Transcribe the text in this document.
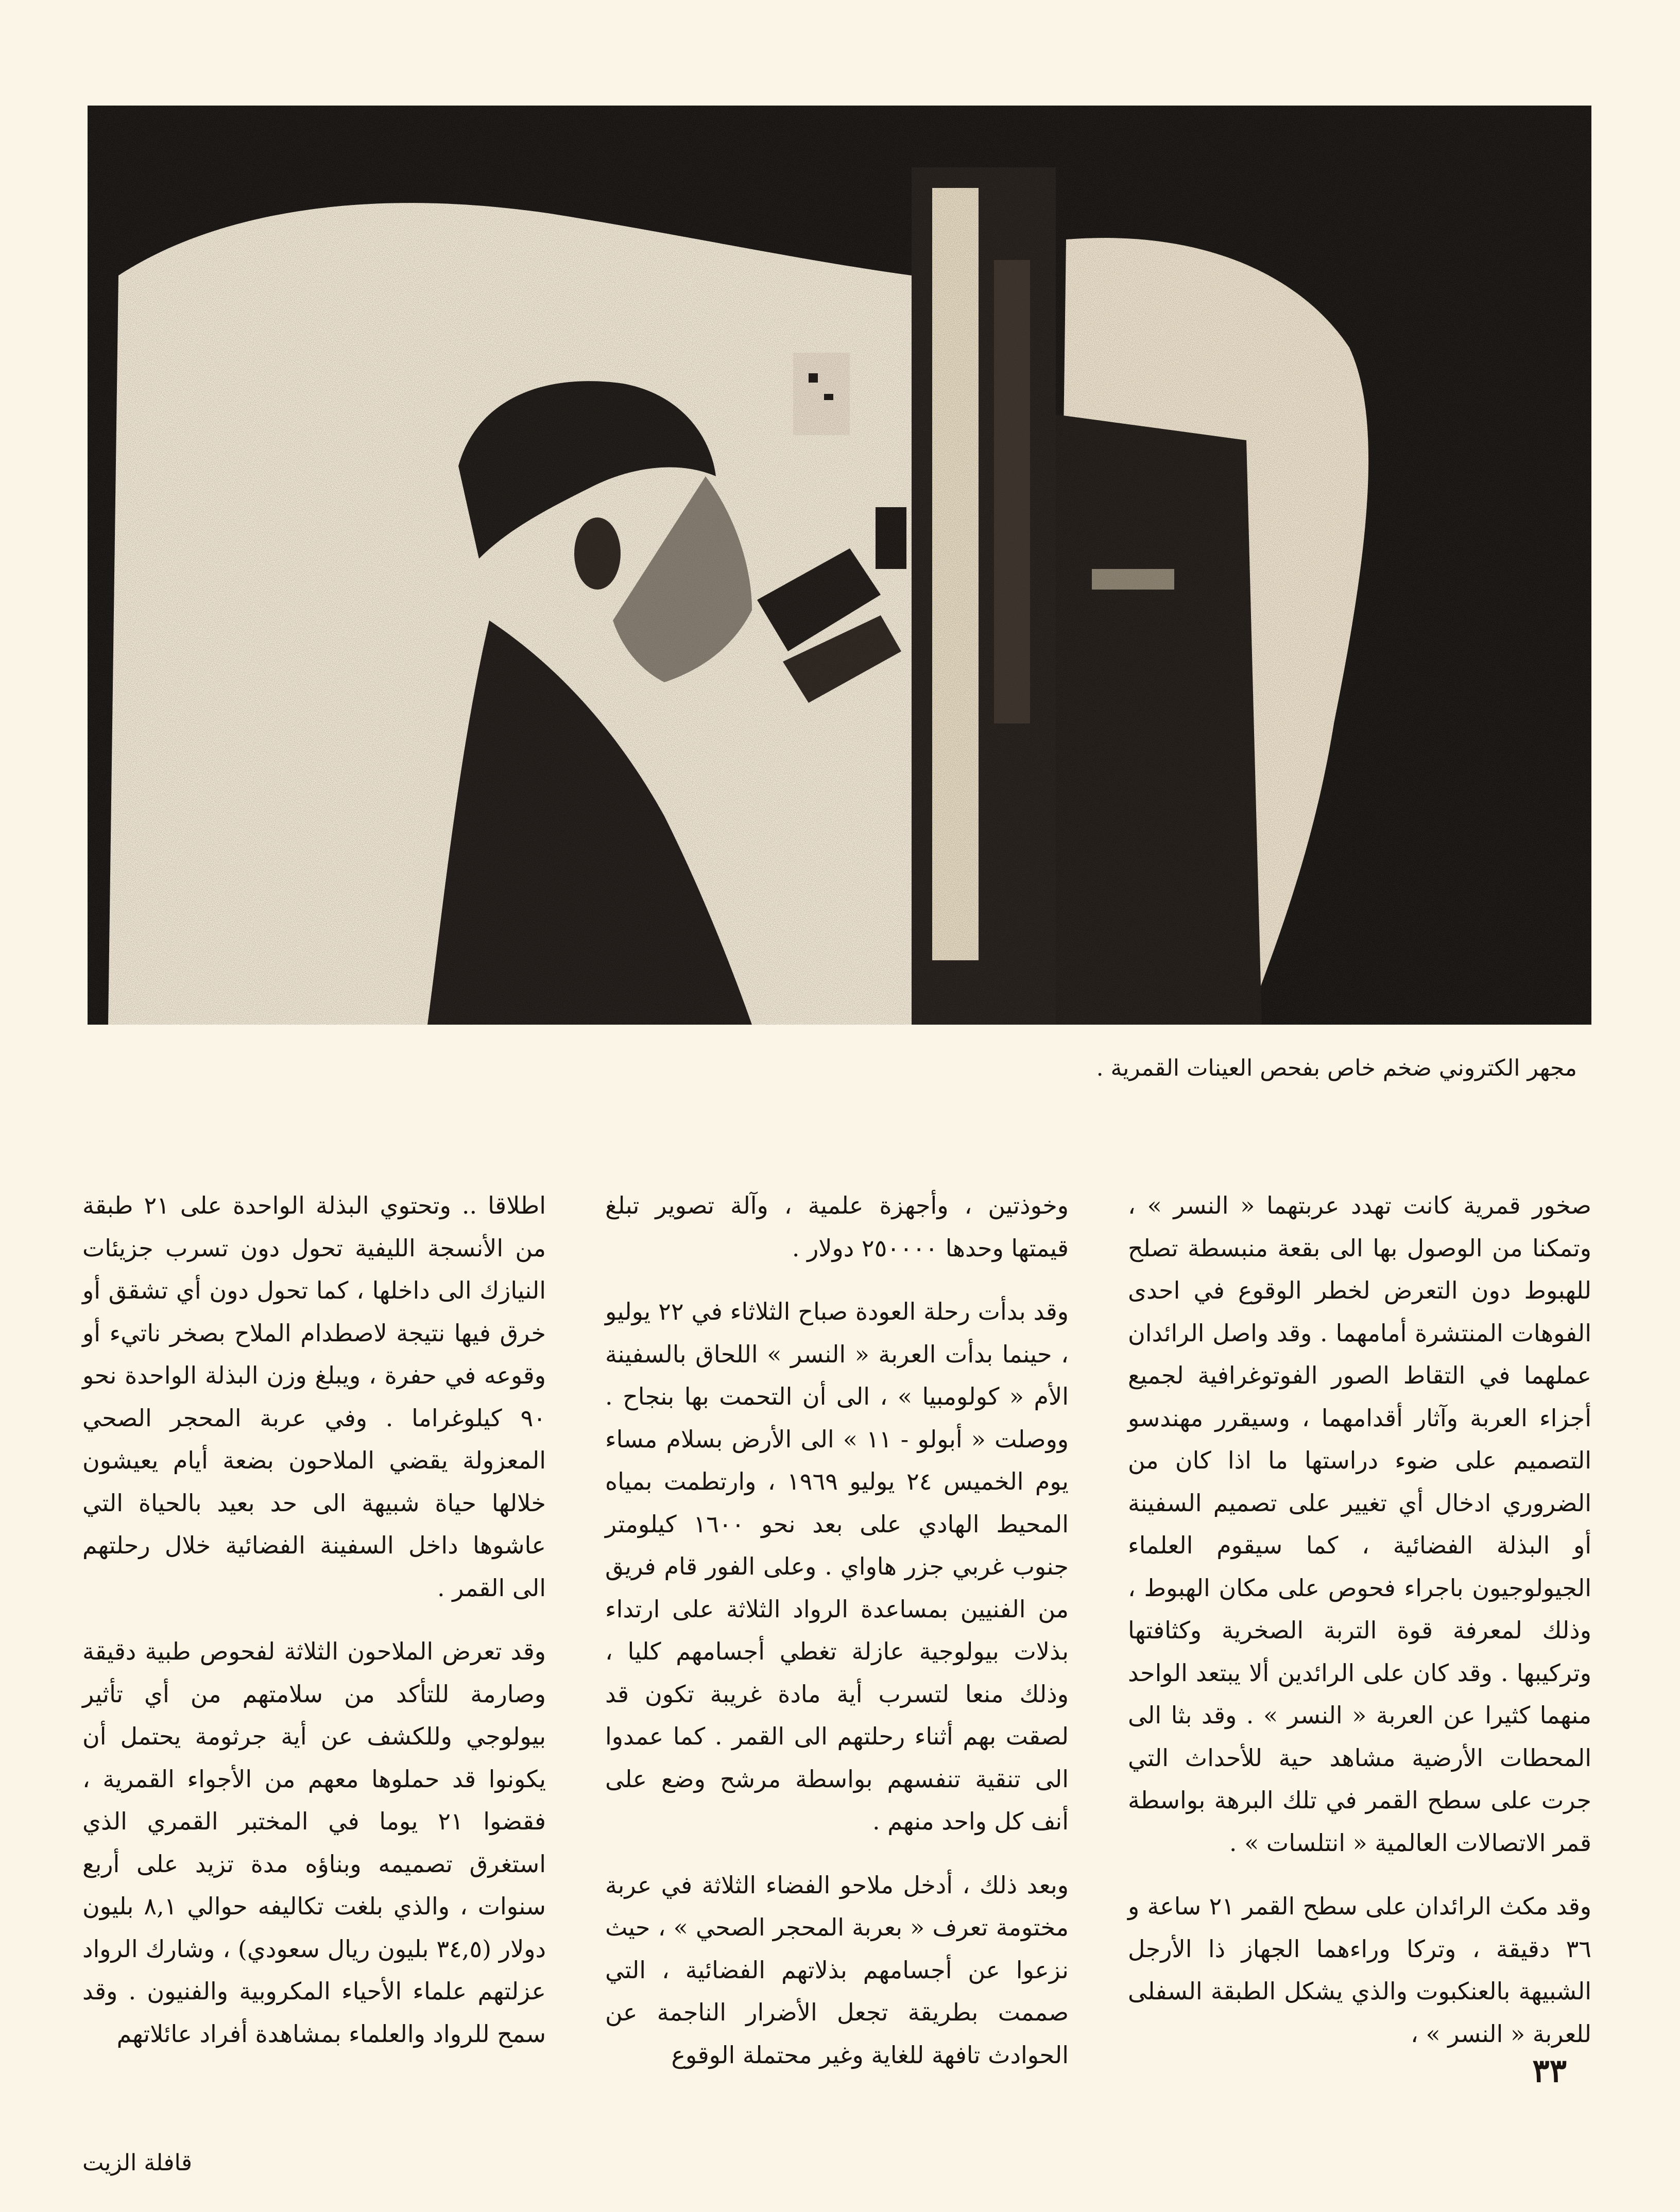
مجهر الكتروني ضخم خاص بفحص العينات القمرية .

صخور قمرية كانت تهدد عربتهما « النسر » ، وتمكنا من الوصول بها الى بقعة منبسطة تصلح للهبوط دون التعرض لخطر الوقوع في احدى الفوهات المنتشرة أمامهما . وقد واصل الرائدان عملهما في التقاط الصور الفوتوغرافية لجميع أجزاء العربة وآثار أقدامهما ، وسيقرر مهندسو التصميم على ضوء دراستها ما اذا كان من الضروري ادخال أي تغيير على تصميم السفينة أو البذلة الفضائية ، كما سيقوم العلماء الجيولوجيون باجراء فحوص على مكان الهبوط ، وذلك لمعرفة قوة التربة الصخرية وكثافتها وتركيبها . وقد كان على الرائدين ألا يبتعد الواحد منهما كثيرا عن العربة « النسر » . وقد بثا الى المحطات الأرضية مشاهد حية للأحداث التي جرت على سطح القمر في تلك البرهة بواسطة قمر الاتصالات العالمية « انتلسات » .

وقد مكث الرائدان على سطح القمر ٢١ ساعة و ٣٦ دقيقة ، وتركا وراءهما الجهاز ذا الأرجل الشبيهة بالعنكبوت والذي يشكل الطبقة السفلى للعربة « النسر » ،

وخوذتين ، وأجهزة علمية ، وآلة تصوير تبلغ قيمتها وحدها ٢٥٠٠٠٠ دولار .

وقد بدأت رحلة العودة صباح الثلاثاء في ٢٢ يوليو ، حينما بدأت العربة « النسر » اللحاق بالسفينة الأم « كولومبيا » ، الى أن التحمت بها بنجاح . ووصلت « أبولو - ١١ » الى الأرض بسلام مساء يوم الخميس ٢٤ يوليو ١٩٦٩ ، وارتطمت بمياه المحيط الهادي على بعد نحو ١٦٠٠ كيلومتر جنوب غربي جزر هاواي . وعلى الفور قام فريق من الفنيين بمساعدة الرواد الثلاثة على ارتداء بذلات بيولوجية عازلة تغطي أجسامهم كليا ، وذلك منعا لتسرب أية مادة غريبة تكون قد لصقت بهم أثناء رحلتهم الى القمر . كما عمدوا الى تنقية تنفسهم بواسطة مرشح وضع على أنف كل واحد منهم .

وبعد ذلك ، أدخل ملاحو الفضاء الثلاثة في عربة مختومة تعرف « بعربة المحجر الصحي » ، حيث نزعوا عن أجسامهم بذلاتهم الفضائية ، التي صممت بطريقة تجعل الأضرار الناجمة عن الحوادث تافهة للغاية وغير محتملة الوقوع

اطلاقا .. وتحتوي البذلة الواحدة على ٢١ طبقة من الأنسجة الليفية تحول دون تسرب جزيئات النيازك الى داخلها ، كما تحول دون أي تشقق أو خرق فيها نتيجة لاصطدام الملاح بصخر ناتيء أو وقوعه في حفرة ، ويبلغ وزن البذلة الواحدة نحو ٩٠ كيلوغراما . وفي عربة المحجر الصحي المعزولة يقضي الملاحون بضعة أيام يعيشون خلالها حياة شبيهة الى حد بعيد بالحياة التي عاشوها داخل السفينة الفضائية خلال رحلتهم الى القمر .

وقد تعرض الملاحون الثلاثة لفحوص طبية دقيقة وصارمة للتأكد من سلامتهم من أي تأثير بيولوجي وللكشف عن أية جرثومة يحتمل أن يكونوا قد حملوها معهم من الأجواء القمرية ، فقضوا ٢١ يوما في المختبر القمري الذي استغرق تصميمه وبناؤه مدة تزيد على أربع سنوات ، والذي بلغت تكاليفه حوالي ٨,١ بليون دولار (٣٤,٥ بليون ريال سعودي) ، وشارك الرواد عزلتهم علماء الأحياء المكروبية والفنيون . وقد سمح للرواد والعلماء بمشاهدة أفراد عائلاتهم

٣٣
قافلة الزيت
